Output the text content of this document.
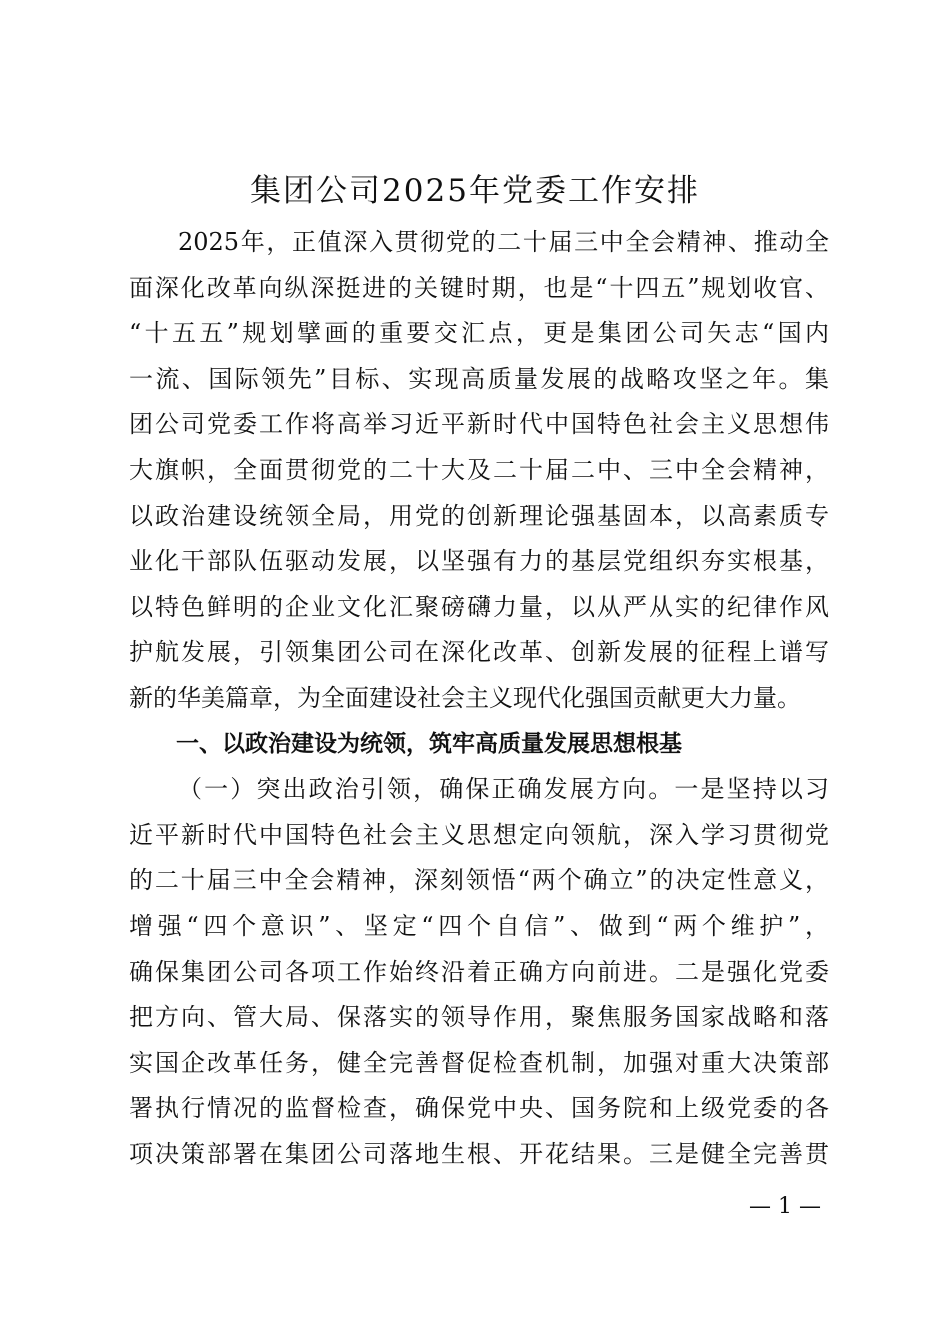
集团公司2025年党委工作安排
2025年，正值深入贯彻党的二十届三中全会精神、推动全
面深化改革向纵深挺进的关键时期，也是“十四五”规划收官、
“十五五”规划擘画的重要交汇点，更是集团公司矢志“国内
一流、国际领先”目标、实现高质量发展的战略攻坚之年。集
团公司党委工作将高举习近平新时代中国特色社会主义思想伟
大旗帜，全面贯彻党的二十大及二十届二中、三中全会精神，
以政治建设统领全局，用党的创新理论强基固本，以高素质专
业化干部队伍驱动发展，以坚强有力的基层党组织夯实根基，
以特色鲜明的企业文化汇聚磅礴力量，以从严从实的纪律作风
护航发展，引领集团公司在深化改革、创新发展的征程上谱写
新的华美篇章，为全面建设社会主义现代化强国贡献更大力量。
一、以政治建设为统领，筑牢高质量发展思想根基
（一）突出政治引领，确保正确发展方向。一是坚持以习
近平新时代中国特色社会主义思想定向领航，深入学习贯彻党
的二十届三中全会精神，深刻领悟“两个确立”的决定性意义，
增强“四个意识”、坚定“四个自信”、做到“两个维护”，
确保集团公司各项工作始终沿着正确方向前进。二是强化党委
把方向、管大局、保落实的领导作用，聚焦服务国家战略和落
实国企改革任务，健全完善督促检查机制，加强对重大决策部
署执行情况的监督检查，确保党中央、国务院和上级党委的各
项决策部署在集团公司落地生根、开花结果。三是健全完善贯
— 1 —
